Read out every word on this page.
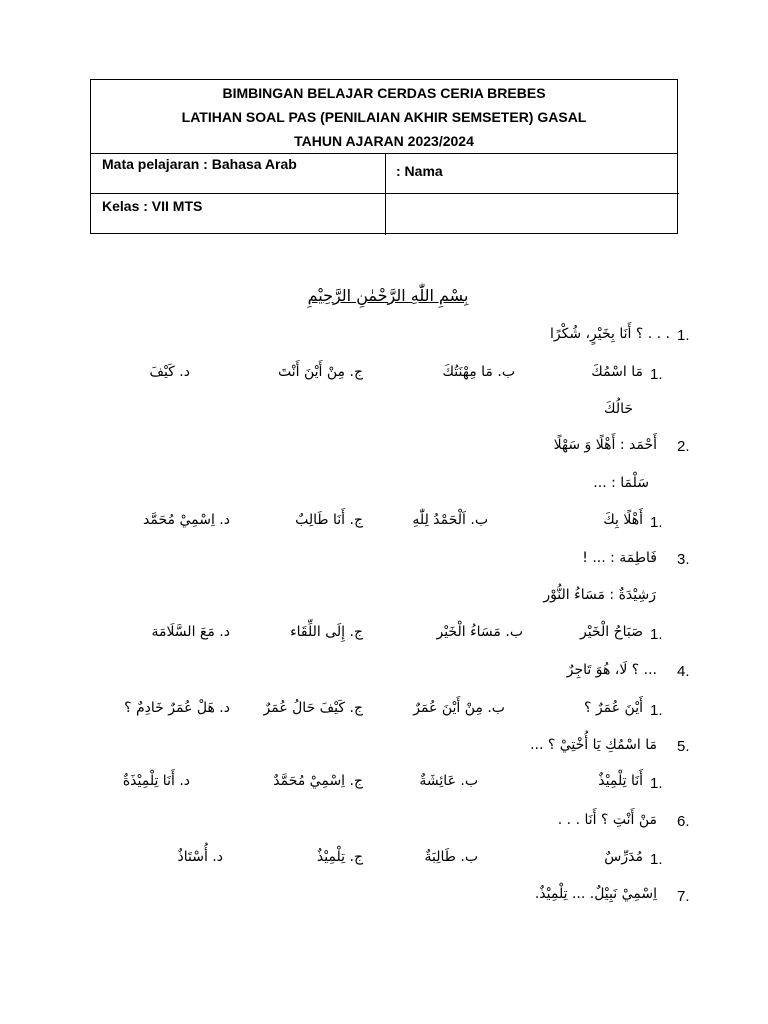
BIMBINGAN BELAJAR CERDAS CERIA BREBES
LATIHAN SOAL PAS (PENILAIAN AKHIR SEMSETER) GASAL
TAHUN AJARAN 2023/2024
Mata pelajaran : Bahasa Arab	: Nama
Kelas : VII MTS
بِسْمِ اللّٰهِ الرَّحْمٰنِ الرَّحِيْمِ
1.
. . . ؟ أَنَا بِخَيْرٍ، شُكْرًا
1.
مَا اسْمُكَ
ب. مَا مِهْنَتُكَ
ج. مِنْ أَيْنَ أَنْتَ
د. كَيْفَ
حَالُكَ
2.
أَحْمَد : أَهْلًا وَ سَهْلًا
سَلْمَا : ...
1.
أَهْلًا بِكَ
ب. اَلْحَمْدُ لِلّٰهِ
ج. أَنَا طَالِبٌ
د. اِسْمِيْ مُحَمَّد
3.
فَاطِمَة : ... !
رَشِيْدَةٌ : مَسَاءُ النُّوْر
1.
صَبَاحُ الْخَيْر
ب. مَسَاءُ الْخَيْر
ج. إِلَى اللِّقَاء
د. مَعَ السَّلَامَة
4.
... ؟ لَا، هُوَ تَاجِرٌ
1.
أَيْنَ عُمَرٌ ؟
ب. مِنْ أَيْنَ عُمَرٌ
ج. كَيْفَ حَالُ عُمَرٌ
د. هَلْ عُمَرٌ خَادِمٌ ؟
5.
مَا اسْمُكِ يَا أُخْتِيْ ؟ ...
1.
أَنَا تِلْمِيْذٌ
ب. عَائِشَةٌ
ج. اِسْمِيْ مُحَمَّدٌ
د. أَنَا تِلْمِيْذَةٌ
6.
مَنْ أَنْتِ ؟ أَنَا . . .
1.
مُدَرِّسٌ
ب. طَالِبَةٌ
ج. تِلْمِيْذٌ
د. أُسْتَاذٌ
7.
اِسْمِيْ نَبِيْلٌ. ... تِلْمِيْذٌ.
